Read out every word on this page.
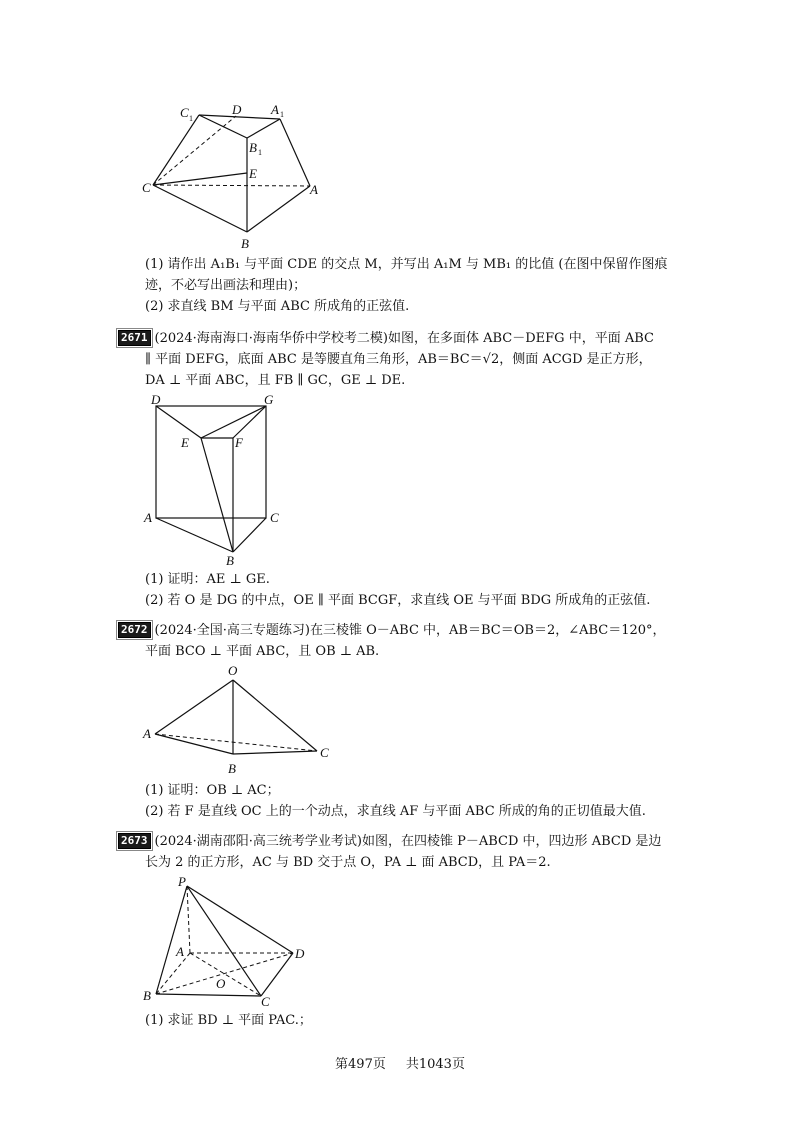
C 1
D A 1
B 1
E
C	A
B
(1) 请作出 A₁B₁ 与平面 CDE 的交点 M，并写出 A₁M 与 MB₁ 的比值 (在图中保留作图痕
迹，不必写出画法和理由)；
(2) 求直线 BM 与平面 ABC 所成角的正弦值.
2671 (2024·海南海口·海南华侨中学校考二模)如图，在多面体 ABC－DEFG 中，平面 ABC
∥ 平面 DEFG，底面 ABC 是等腰直角三角形，AB＝BC＝√2，侧面 ACGD 是正方形，
DA ⊥ 平面 ABC，且 FB ∥ GC，GE ⊥ DE.
D	G
E	F
A	C
B
(1) 证明：AE ⊥ GE.
(2) 若 O 是 DG 的中点，OE ∥ 平面 BCGF，求直线 OE 与平面 BDG 所成角的正弦值.
2672 (2024·全国·高三专题练习)在三棱锥 O－ABC 中，AB＝BC＝OB＝2，∠ABC＝120°，
平面 BCO ⊥ 平面 ABC，且 OB ⊥ AB.
O
A
B
C
(1) 证明：OB ⊥ AC；
(2) 若 F 是直线 OC 上的一个动点，求直线 AF 与平面 ABC 所成的角的正切值最大值.
2673 (2024·湖南邵阳·高三统考学业考试)如图，在四棱锥 P－ABCD 中，四边形 ABCD 是边
长为 2 的正方形，AC 与 BD 交于点 O，PA ⊥ 面 ABCD，且 PA＝2.
P
A	D
O
B	C
(1) 求证 BD ⊥ 平面 PAC.；
第497页 共1043页
